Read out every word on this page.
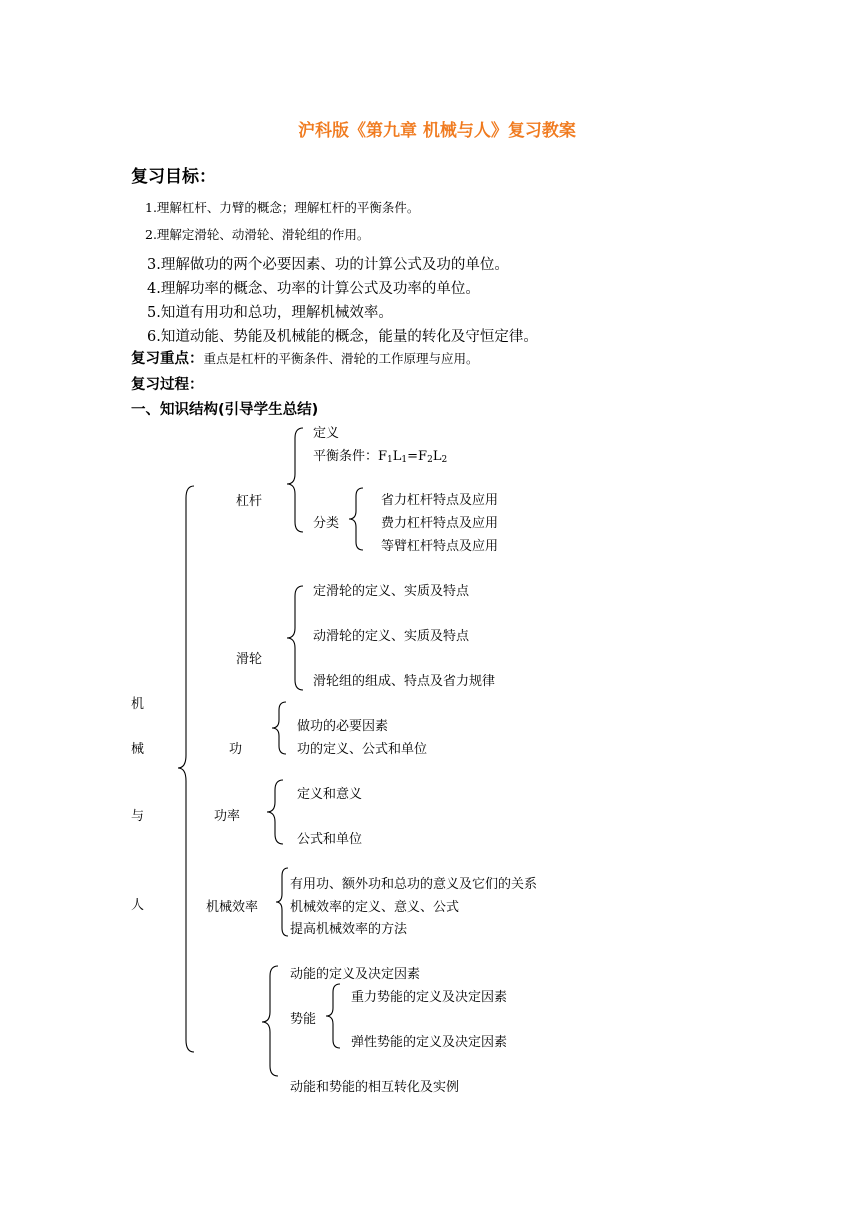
沪科版《第九章 机械与人》复习教案
复习目标：
1.理解杠杆、力臂的概念；理解杠杆的平衡条件。
2.理解定滑轮、动滑轮、滑轮组的作用。
3.理解做功的两个必要因素、功的计算公式及功的单位。
4.理解功率的概念、功率的计算公式及功率的单位。
5.知道有用功和总功，理解机械效率。
6.知道动能、势能及机械能的概念，能量的转化及守恒定律。
复习重点：重点是杠杆的平衡条件、滑轮的工作原理与应用。
复习过程：
一、知识结构(引导学生总结)
机
械
与
人
杠杆
定义
平衡条件：$F_1L_1=F_2L_2$
分类
省力杠杆特点及应用
费力杠杆特点及应用
等臂杠杆特点及应用
滑轮
定滑轮的定义、实质及特点
动滑轮的定义、实质及特点
滑轮组的组成、特点及省力规律
功
做功的必要因素
功的定义、公式和单位
功率
定义和意义
公式和单位
机械效率
有用功、额外功和总功的意义及它们的关系
机械效率的定义、意义、公式
提高机械效率的方法
动能的定义及决定因素
势能
重力势能的定义及决定因素
弹性势能的定义及决定因素
动能和势能的相互转化及实例
